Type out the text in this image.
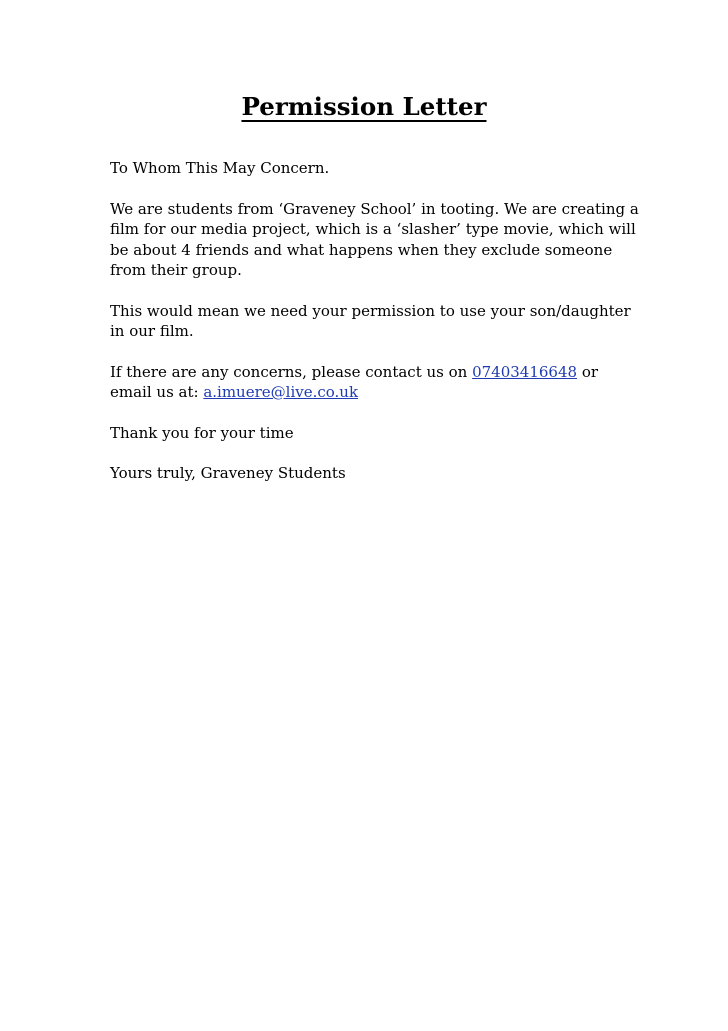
Permission Letter

To Whom This May Concern.

We are students from ‘Graveney School’ in tooting. We are creating a
film for our media project, which is a ‘slasher’ type movie, which will
be about 4 friends and what happens when they exclude someone
from their group.

This would mean we need your permission to use your son/daughter
in our film.

If there are any concerns, please contact us on 07403416648 or
email us at: a.imuere@live.co.uk

Thank you for your time

Yours truly, Graveney Students
